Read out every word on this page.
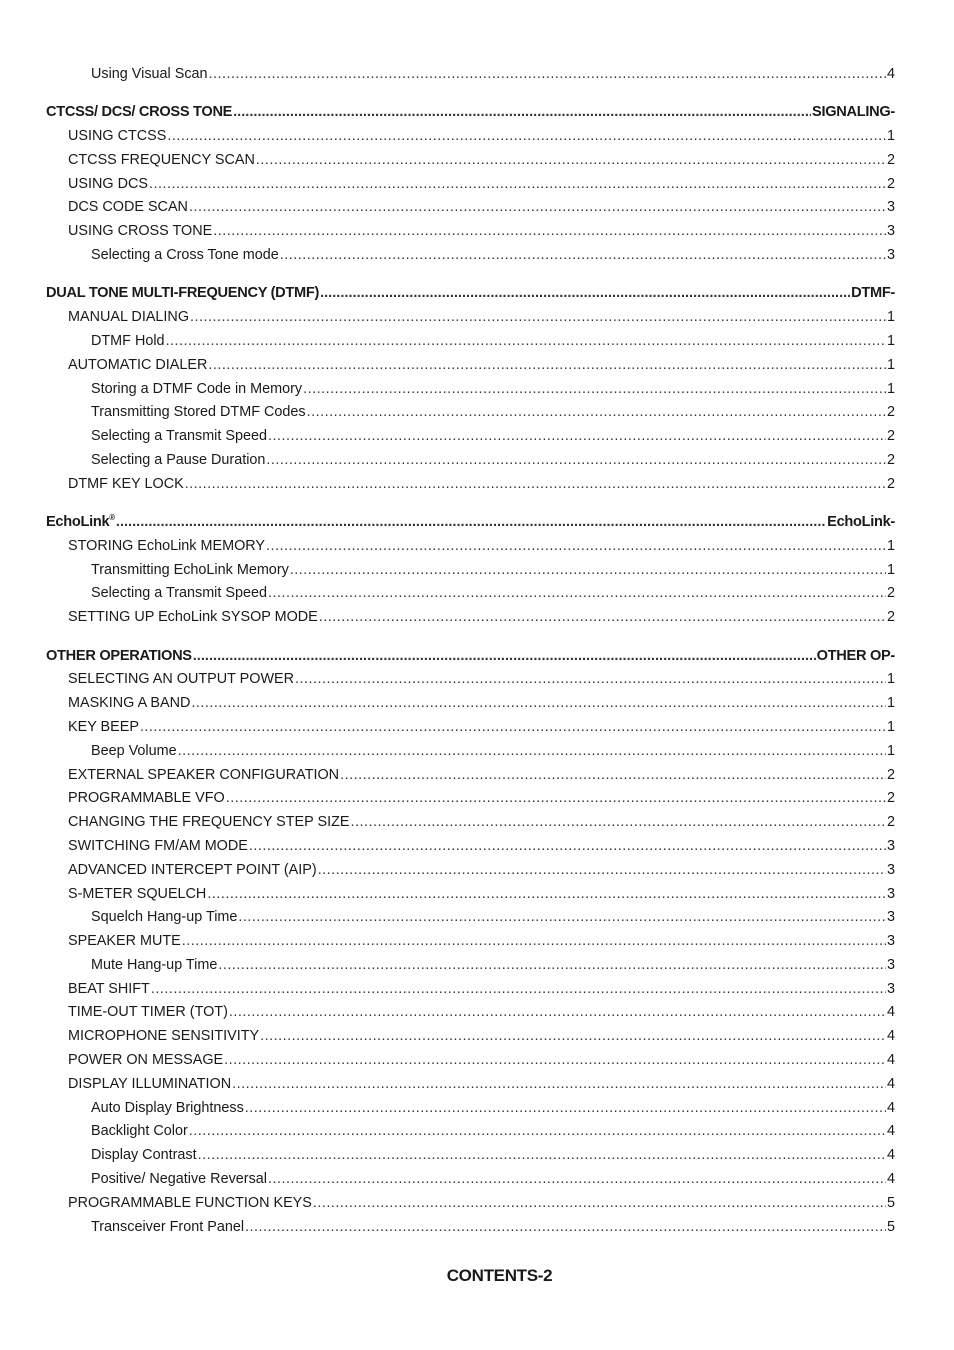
Using Visual Scan .....	4
CTCSS/ DCS/ CROSS TONE .....	SIGNALING-
USING CTCSS .....	1
CTCSS FREQUENCY SCAN .....	2
USING DCS .....	2
DCS CODE SCAN .....	3
USING CROSS TONE .....	3
Selecting a Cross Tone mode .....	3
DUAL TONE MULTI-FREQUENCY (DTMF) .....	DTMF-
MANUAL DIALING .....	1
DTMF Hold .....	1
AUTOMATIC DIALER .....	1
Storing a DTMF Code in Memory .....	1
Transmitting Stored DTMF Codes .....	2
Selecting a Transmit Speed .....	2
Selecting a Pause Duration .....	2
DTMF KEY LOCK .....	2
EchoLink® .....	EchoLink-
STORING EchoLink MEMORY .....	1
Transmitting EchoLink Memory .....	1
Selecting a Transmit Speed .....	2
SETTING UP EchoLink SYSOP MODE .....	2
OTHER OPERATIONS .....	OTHER OP-
SELECTING AN OUTPUT POWER .....	1
MASKING A BAND .....	1
KEY BEEP .....	1
Beep Volume .....	1
EXTERNAL SPEAKER CONFIGURATION .....	2
PROGRAMMABLE VFO .....	2
CHANGING THE FREQUENCY STEP SIZE .....	2
SWITCHING FM/AM MODE .....	3
ADVANCED INTERCEPT POINT (AIP) .....	3
S-METER SQUELCH .....	3
Squelch Hang-up Time .....	3
SPEAKER MUTE .....	3
Mute Hang-up Time .....	3
BEAT SHIFT .....	3
TIME-OUT TIMER (TOT) .....	4
MICROPHONE SENSITIVITY .....	4
POWER ON MESSAGE .....	4
DISPLAY ILLUMINATION .....	4
Auto Display Brightness .....	4
Backlight Color .....	4
Display Contrast .....	4
Positive/ Negative Reversal .....	4
PROGRAMMABLE FUNCTION KEYS .....	5
Transceiver Front Panel .....	5
CONTENTS-2
